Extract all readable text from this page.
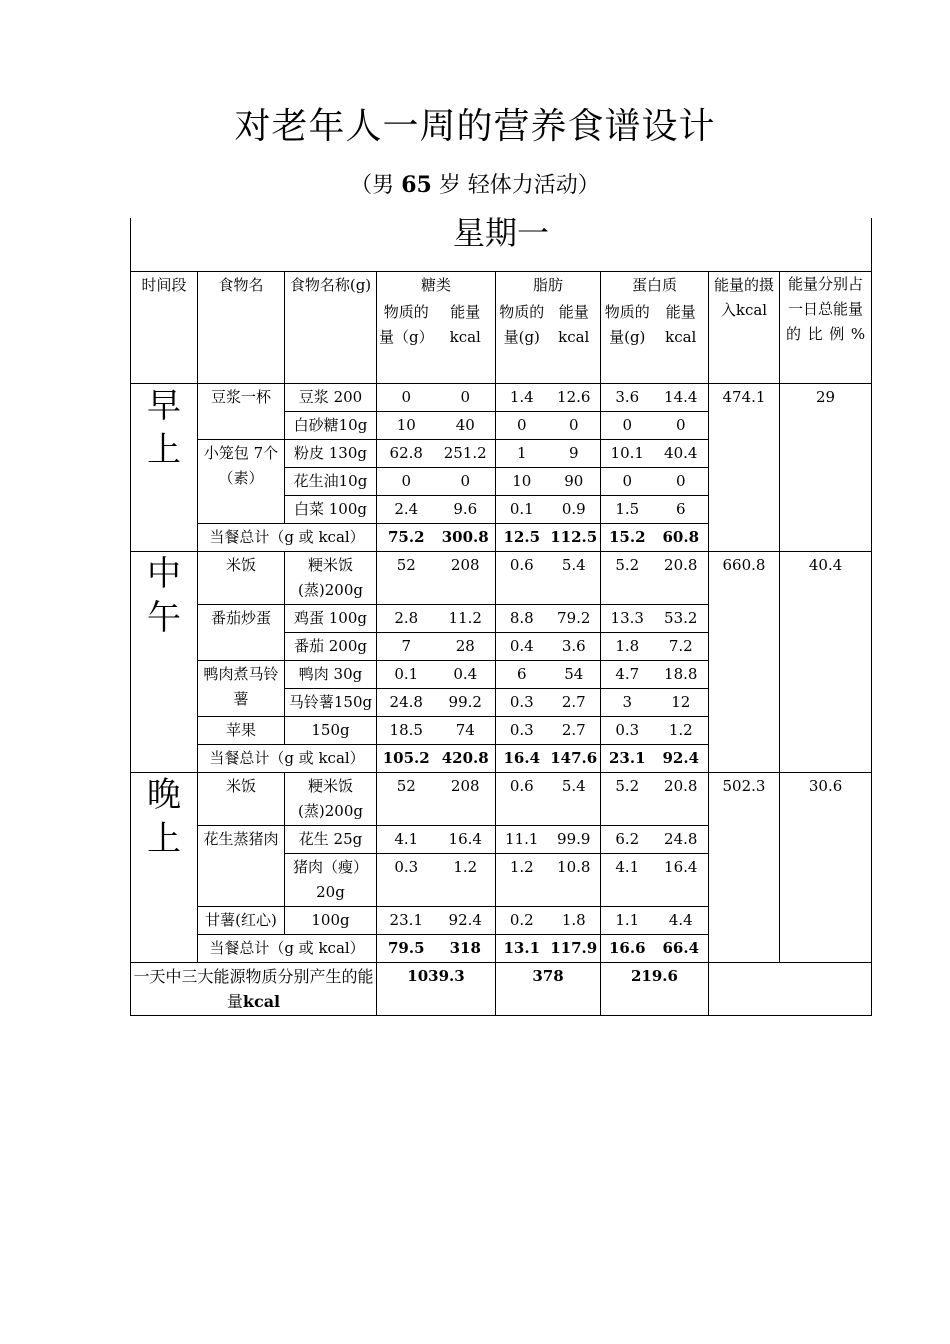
对老年人一周的营养食谱设计
（男 65 岁 轻体力活动）
星期一										
时间段	食物名	食物名称(g)	糖类		脂肪		蛋白质		能量的摄入kcal	能量分别占一日总能量的比例%
			物质的量（g）	能量kcal	物质的量(g)	能量kcal	物质的量(g)	能量kcal		
早上	豆浆一杯	豆浆 200	0	0	1.4	12.6	3.6	14.4	474.1	29
		白砂糖10g	10	40	0	0	0	0		
	小笼包 7个（素）	粉皮 130g	62.8	251.2	1	9	10.1	40.4		
		花生油10g	0	0	10	90	0	0		
		白菜 100g	2.4	9.6	0.1	0.9	1.5	6		
	当餐总计（g 或 kcal）		75.2	300.8	12.5	112.5	15.2	60.8		
中午	米饭	粳米饭(蒸)200g	52	208	0.6	5.4	5.2	20.8	660.8	40.4
	番茄炒蛋	鸡蛋 100g	2.8	11.2	8.8	79.2	13.3	53.2		
		番茄 200g	7	28	0.4	3.6	1.8	7.2		
	鸭肉煮马铃薯	鸭肉 30g	0.1	0.4	6	54	4.7	18.8		
		马铃薯150g	24.8	99.2	0.3	2.7	3	12		
	苹果	150g	18.5	74	0.3	2.7	0.3	1.2		
	当餐总计（g 或 kcal）		105.2	420.8	16.4	147.6	23.1	92.4		
晚上	米饭	粳米饭(蒸)200g	52	208	0.6	5.4	5.2	20.8	502.3	30.6
	花生蒸猪肉	花生 25g	4.1	16.4	11.1	99.9	6.2	24.8		
		猪肉（瘦）20g	0.3	1.2	1.2	10.8	4.1	16.4		
	甘薯(红心)	100g	23.1	92.4	0.2	1.8	1.1	4.4		
	当餐总计（g 或 kcal）		79.5	318	13.1	117.9	16.6	66.4		
一天中三大能源物质分别产生的能量kcal			1039.3		378		219.6			
